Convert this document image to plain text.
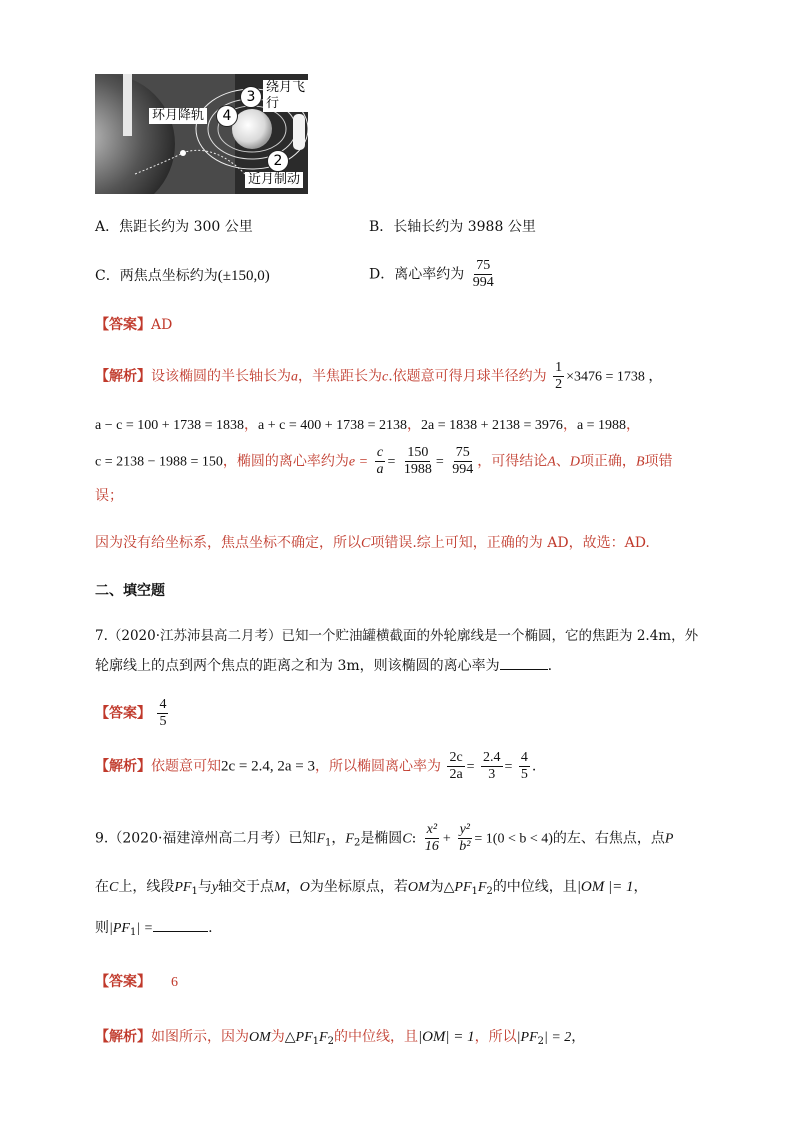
绕月飞行
3
环月降轨	4
2
近月制动
A．焦距长约为 300 公里	B．长轴长约为 3988 公里
C．两焦点坐标约为(±150,0)	D．离心率约为 $\frac{75}{994}$
【答案】AD
【解析】设该椭圆的半长轴长为a，半焦距长为c.依题意可得月球半径约为 $\frac{1}{2} \times 3476 = 1738$ ，
a − c = 100 + 1738 = 1838，a + c = 400 + 1738 = 2138，2a = 1838 + 2138 = 3976，a = 1988，
c = 2138 − 1988 = 150，椭圆的离心率约为$e = \frac{c}{a} = \frac{150}{1988} = \frac{75}{994}$ ，可得结论A、D项正确，B项错
误；
因为没有给坐标系，焦点坐标不确定，所以C项错误.综上可知，正确的为 AD，故选：AD.
二、填空题
7.（2020·江苏沛县高二月考）已知一个贮油罐横截面的外轮廓线是一个椭圆，它的焦距为 2.4m，外
轮廓线上的点到两个焦点的距离之和为 3m，则该椭圆的离心率为	.
【答案】 $\frac{4}{5}$
【解析】依题意可知2c = 2.4, 2a = 3，所以椭圆离心率为 $\frac{2c}{2a} = \frac{2.4}{3} = \frac{4}{5}$ .
9.（2020·福建漳州高二月考）已知$F_1$，$F_2$是椭圆C: $\frac{\text{x²}}{16} + \frac{\text{y²}}{\text{b²}} = 1(0 < b < 4)$的左、右焦点，点P
在C上，线段$PF_1$与y轴交于点M，O为坐标原点，若OM为$\triangle PF_1F_2$的中位线，且|OM |= 1，
则$|PF_1|$ =	.
【答案】 6
【解析】如图所示，因为OM为$\triangle PF_1F_2$的中位线，且|OM| = 1，所以$|PF_2| = 2$，
